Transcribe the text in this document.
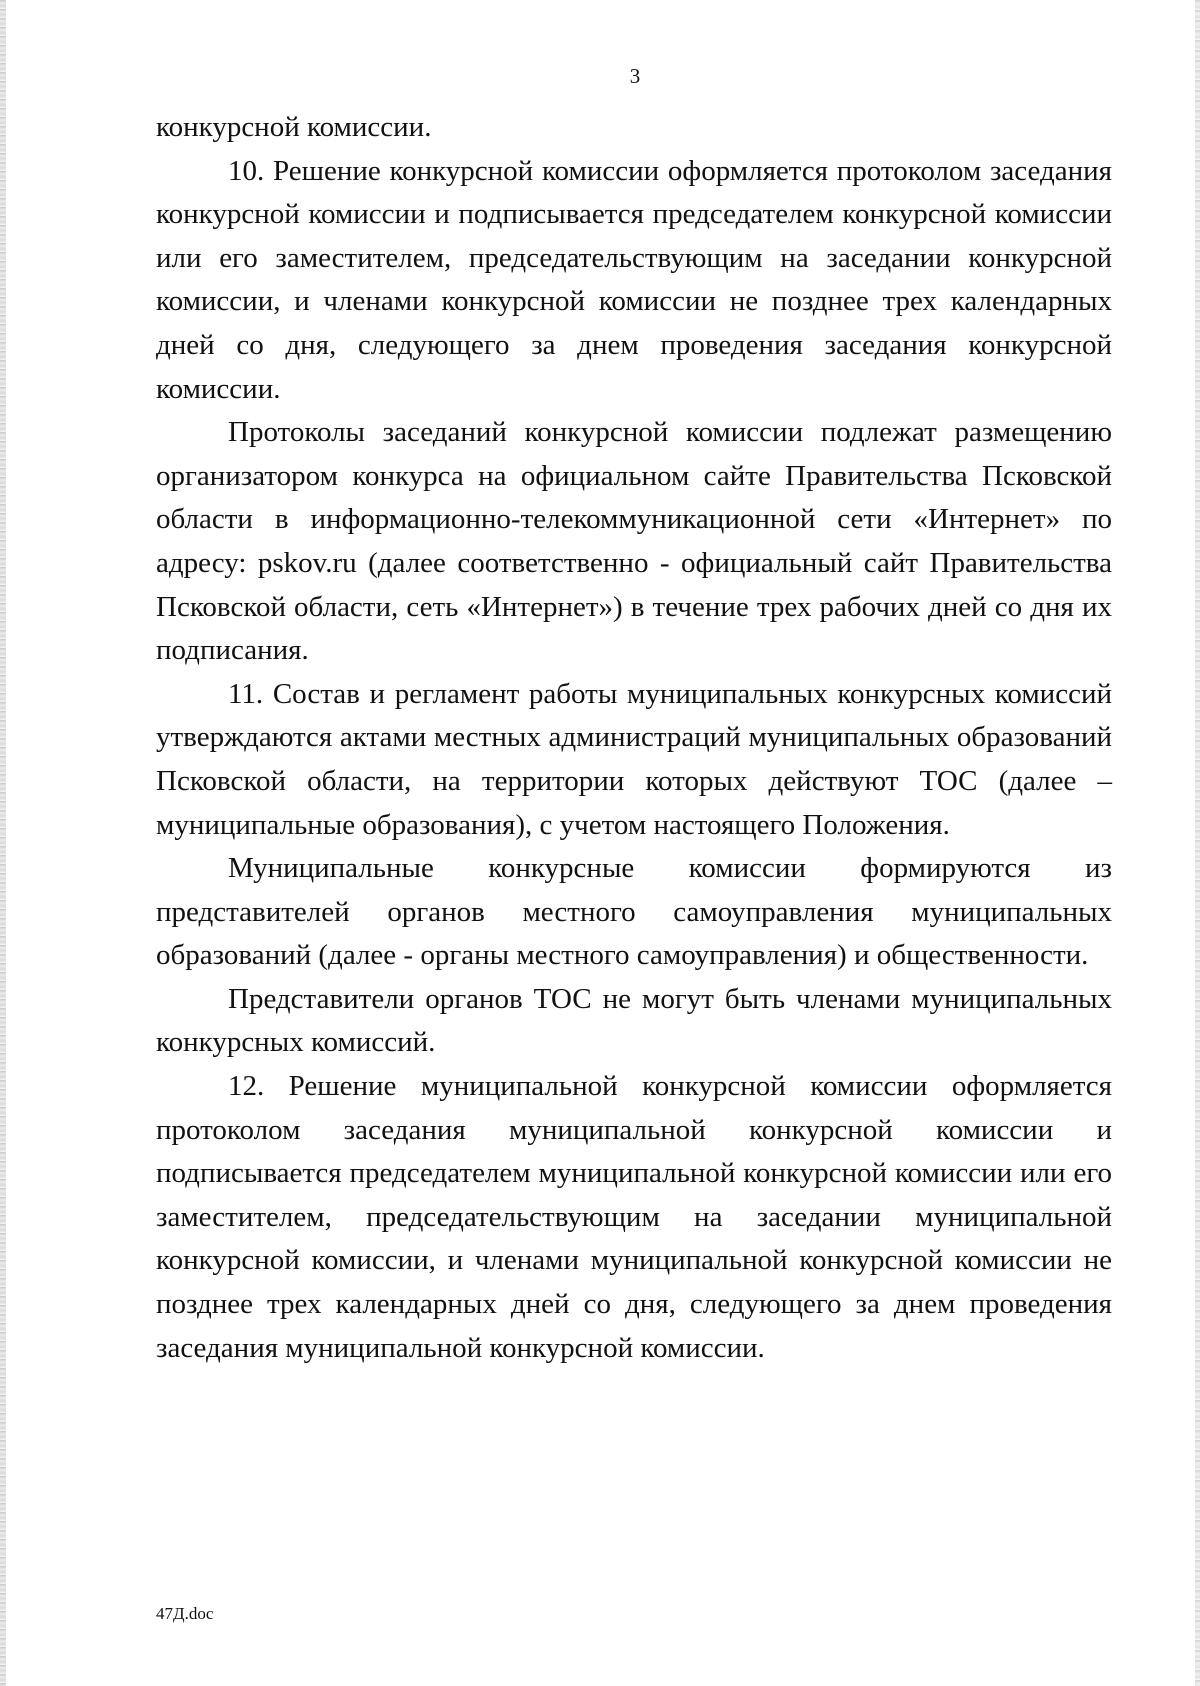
3

конкурсной комиссии.

10. Решение конкурсной комиссии оформляется протоколом заседания конкурсной комиссии и подписывается председателем конкурсной комиссии или его заместителем, председательствующим на заседании конкурсной комиссии, и членами конкурсной комиссии не позднее трех календарных дней со дня, следующего за днем проведения заседания конкурсной комиссии.

Протоколы заседаний конкурсной комиссии подлежат размещению организатором конкурса на официальном сайте Правительства Псковской области в информационно-телекоммуникационной сети «Интернет» по адресу: pskov.ru (далее соответственно - официальный сайт Правительства Псковской области, сеть «Интернет») в течение трех рабочих дней со дня их подписания.

11. Состав и регламент работы муниципальных конкурсных комиссий утверждаются актами местных администраций муниципальных образований Псковской области, на территории которых действуют ТОС (далее – муниципальные образования), с учетом настоящего Положения.

Муниципальные конкурсные комиссии формируются из представителей органов местного самоуправления муниципальных образований (далее - органы местного самоуправления) и общественности.

Представители органов ТОС не могут быть членами муниципальных конкурсных комиссий.

12. Решение муниципальной конкурсной комиссии оформляется протоколом заседания муниципальной конкурсной комиссии и подписывается председателем муниципальной конкурсной комиссии или его заместителем, председательствующим на заседании муниципальной конкурсной комиссии, и членами муниципальной конкурсной комиссии не позднее трех календарных дней со дня, следующего за днем проведения заседания муниципальной конкурсной комиссии.

47Д.doc
